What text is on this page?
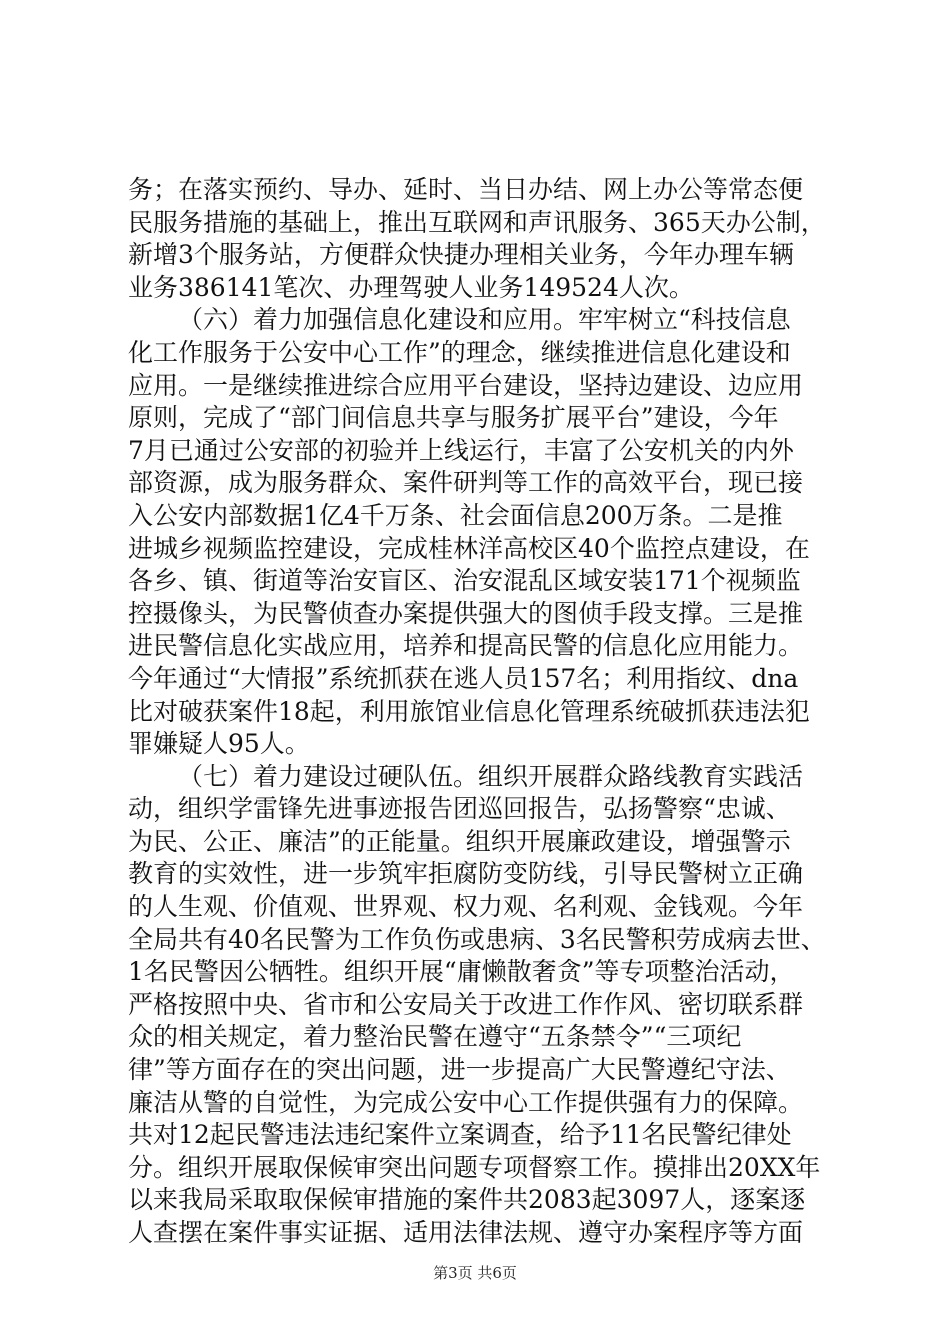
务；在落实预约、导办、延时、当日办结、网上办公等常态便
民服务措施的基础上，推出互联网和声讯服务、365天办公制，
新增3个服务站，方便群众快捷办理相关业务，今年办理车辆
业务386141笔次、办理驾驶人业务149524人次。
（六）着力加强信息化建设和应用。牢牢树立“科技信息
化工作服务于公安中心工作”的理念，继续推进信息化建设和
应用。一是继续推进综合应用平台建设，坚持边建设、边应用
原则，完成了“部门间信息共享与服务扩展平台”建设，今年
7月已通过公安部的初验并上线运行，丰富了公安机关的内外
部资源，成为服务群众、案件研判等工作的高效平台，现已接
入公安内部数据1亿4千万条、社会面信息200万条。二是推
进城乡视频监控建设，完成桂林洋高校区40个监控点建设，在
各乡、镇、街道等治安盲区、治安混乱区域安装171个视频监
控摄像头，为民警侦查办案提供强大的图侦手段支撑。三是推
进民警信息化实战应用，培养和提高民警的信息化应用能力。
今年通过“大情报”系统抓获在逃人员157名；利用指纹、dna
比对破获案件18起，利用旅馆业信息化管理系统破抓获违法犯
罪嫌疑人95人。
（七）着力建设过硬队伍。组织开展群众路线教育实践活
动，组织学雷锋先进事迹报告团巡回报告，弘扬警察“忠诚、
为民、公正、廉洁”的正能量。组织开展廉政建设，增强警示
教育的实效性，进一步筑牢拒腐防变防线，引导民警树立正确
的人生观、价值观、世界观、权力观、名利观、金钱观。今年
全局共有40名民警为工作负伤或患病、3名民警积劳成病去世、
1名民警因公牺牲。组织开展“庸懒散奢贪”等专项整治活动，
严格按照中央、省市和公安局关于改进工作作风、密切联系群
众的相关规定，着力整治民警在遵守“五条禁令”“三项纪
律”等方面存在的突出问题，进一步提高广大民警遵纪守法、
廉洁从警的自觉性，为完成公安中心工作提供强有力的保障。
共对12起民警违法违纪案件立案调查，给予11名民警纪律处
分。组织开展取保候审突出问题专项督察工作。摸排出20XX年
以来我局采取取保候审措施的案件共2083起3097人，逐案逐
人查摆在案件事实证据、适用法律法规、遵守办案程序等方面
第3页 共6页
